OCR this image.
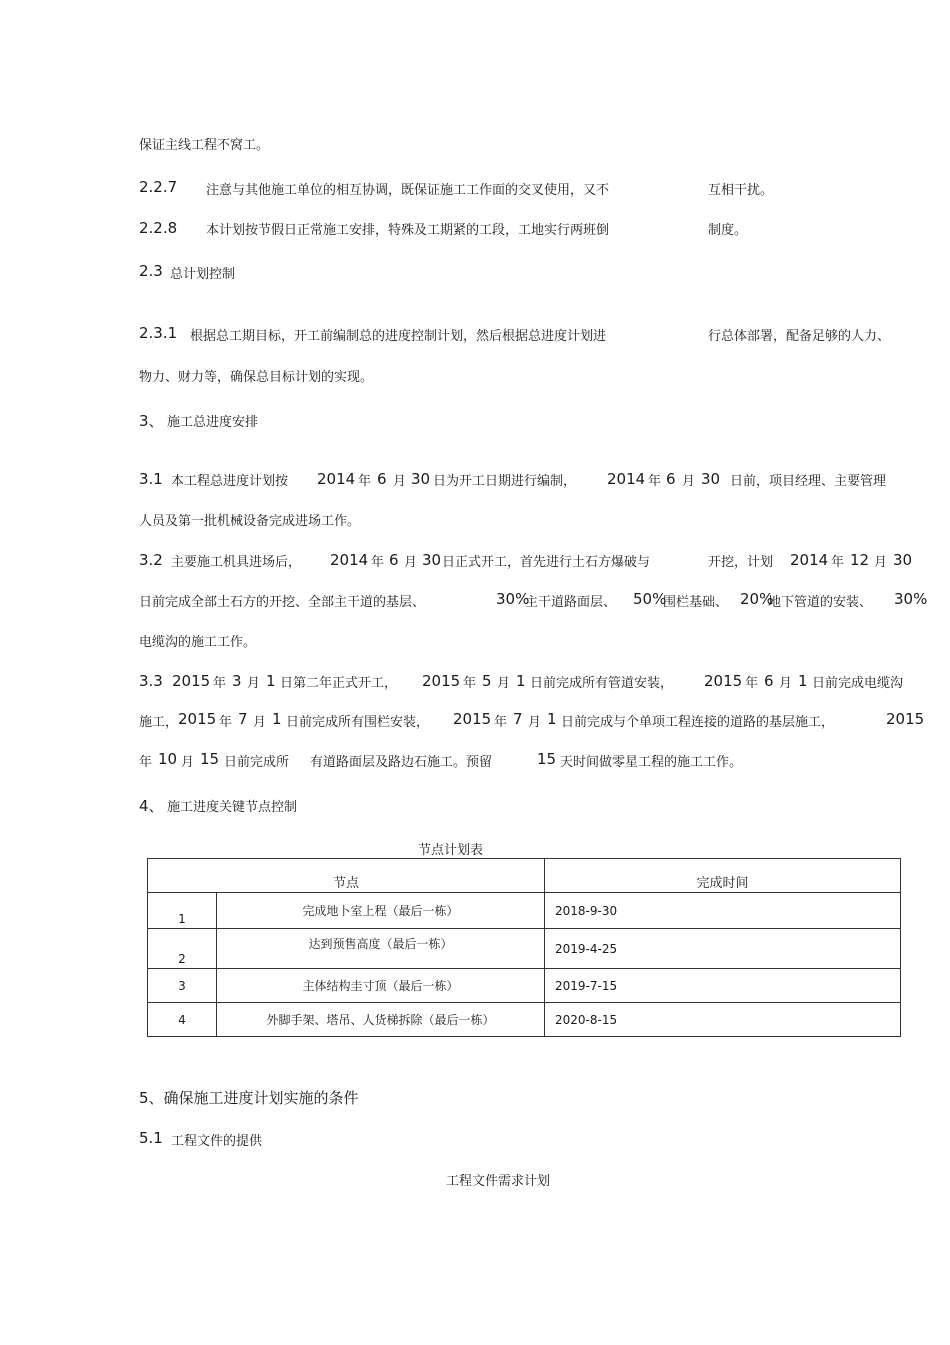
保证主线工程不窝工。
2.2.7 注意与其他施工单位的相互协调，既保证施工工作面的交叉使用，又不	互相干扰。
2.2.8 本计划按节假日正常施工安排，特殊及工期紧的工段，工地实行两班倒	制度。
2.3 总计划控制
2.3.1 根据总工期目标，开工前编制总的进度控制计划，然后根据总进度计划进	行总体部署，配备足够的人力、
物力、财力等，确保总目标计划的实现。
3、 施工总进度安排
3.1 本工程总进度计划按 2014 年 6 月 30 日为开工日期进行编制， 2014 年 6 月 30 日前，项目经理、主要管理
人员及第一批机械设备完成进场工作。
3.2 主要施工机具进场后， 2014 年 6 月 30 日正式开工，首先进行土石方爆破与	开挖，计划 2014 年 12 月 30
日前完成全部土石方的开挖、全部主干道的基层、	30%
主干道路面层、 50%
围栏基础、 20%
地下管道的安装、 30%
电缆沟的施工工作。
3.3 2015 年 3 月 1 日第二年正式开工， 2015 年 5 月 1 日前完成所有管道安装， 2015 年 6 月 1 日前完成电缆沟
施工， 2015 年 7 月 1 日前完成所有围栏安装， 2015 年 7 月 1 日前完成与个单项工程连接的道路的基层施工，	2015
年 10 月 15 日前完成所 有道路面层及路边石施工。预留	15 天时间做零星工程的施工工作。
4、 施工进度关键节点控制
节点计划表
节点		完成时间
1	完成地卜室上程（最后一栋）	2018-9-30
2	达到预售高度（最后一栋）	2019-4-25
3	主体结构圭寸顶（最后一栋）	2019-7-15
4	外脚手架、塔吊、人货梯拆除（最后一栋）	2020-8-15
5、确保施工进度计划实施的条件
5.1 工程文件的提供
工程文件需求计划
